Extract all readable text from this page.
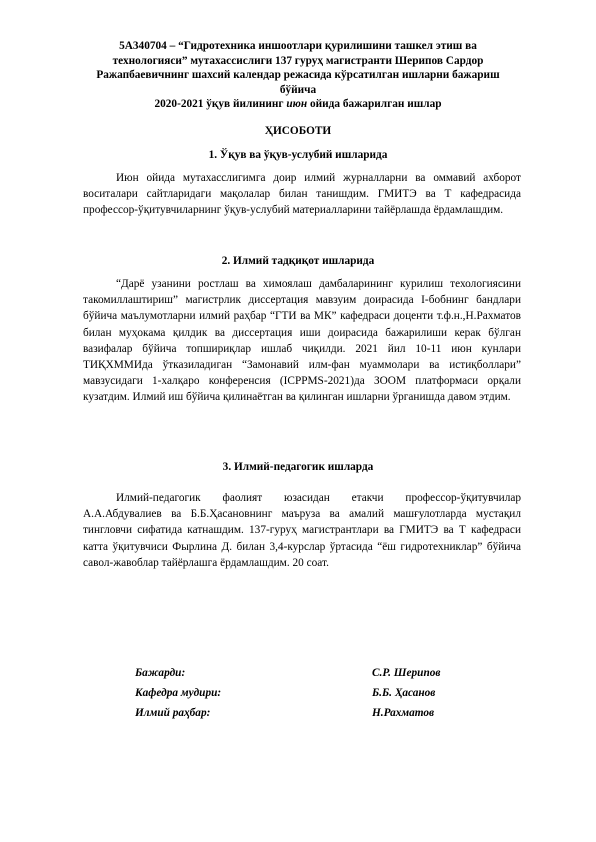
5А340704 – “Гидротехника иншоотлари қурилишини ташкел этиш ва
технологияси” мутахассислиги 137 гуруҳ магистранти Шерипов Сардор
Ражапбаевичнинг шахсий календар режасида кўрсатилган ишларни бажариш
бўйича
2020-2021 ўқув йилининг июн ойида бажарилган ишлар
ҲИСОБОТИ
1. Ўқув ва ўқув-услубий ишларида

Июн ойида мутахасслигимга доир илмий журналларни ва оммавий ахборот воситалари сайтларидаги мақолалар билан танишдим. ГМИТЭ ва Т кафедрасида профессор-ўқитувчиларнинг ўқув-услубий материалларини тайёрлашда ёрдамлашдим.

2. Илмий тадқиқот ишларида

“Дарё узанини ростлаш ва химоялаш дамбаларининг курилиш техологиясини такомиллаштириш” магистрлик диссертация мавзуим доирасида I-бобнинг бандлари бўйича маълумотларни илмий раҳбар “ГТИ ва МК” кафедраси доценти т.ф.н.,Н.Рахматов билан муҳокама қилдик ва диссертация иши доирасида бажарилиши керак бўлган вазифалар бўйича топшириқлар ишлаб чиқилди. 2021 йил 10-11 июн кунлари ТИҚХММИда ўтказиладиган “Замонавий илм-фан муаммолари ва истиқболлари” мавзусидаги 1-халқаро конференсия (ICPPMS-2021)да ЗООМ платформаси орқали кузатдим. Илмий иш бўйича қилинаётган ва қилинган ишларни ўрганишда давом этдим.

3. Илмий-педагогик ишларда

Илмий-педагогик фаолият юзасидан етакчи профессор-ўқитувчилар А.А.Абдувалиев ва Б.Б.Ҳасановнинг маъруза ва амалий машғулотларда мустақил тингловчи сифатида катнашдим. 137-гуруҳ магистрантлари ва ГМИТЭ ва Т кафедраси катта ўқитувчиси Фырлина Д. билан 3,4-курслар ўртасида “ёш гидротехниклар” бўйича савол-жавоблар тайёрлашга ёрдамлашдим. 20 соат.

Бажарди:	С.Р. Шерипов
Кафедра мудири:	Б.Б. Ҳасанов
Илмий раҳбар:	Н.Рахматов
